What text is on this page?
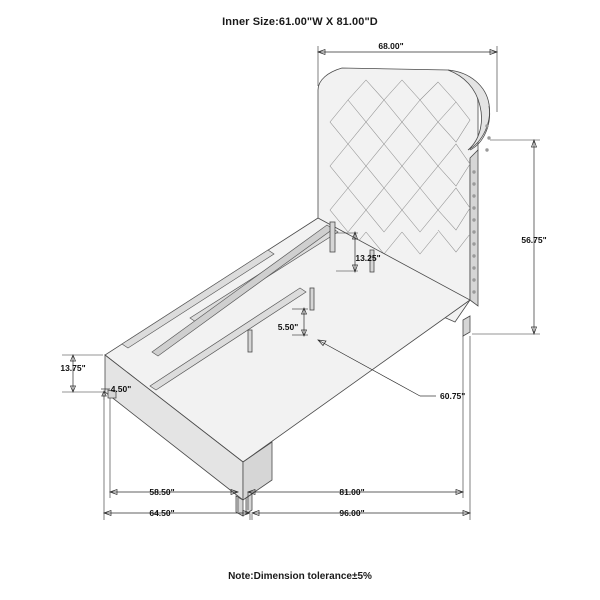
Inner Size:61.00"W X 81.00"D
68.00"
56.75"
13.25"
5.50"
60.75"
13.75"
4.50"
58.50"
64.50"
81.00"
96.00"
Note:Dimension tolerance±5%
